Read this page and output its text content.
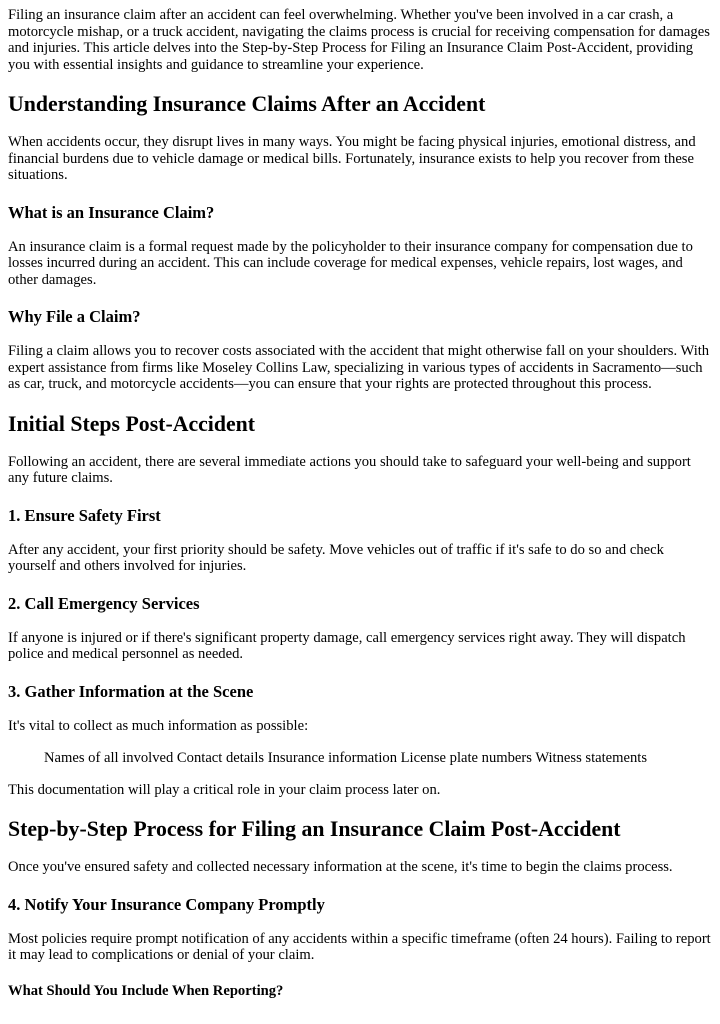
Filing an insurance claim after an accident can feel overwhelming. Whether you've been involved in a car crash, a motorcycle mishap, or a truck accident, navigating the claims process is crucial for receiving compensation for damages and injuries. This article delves into the Step-by-Step Process for Filing an Insurance Claim Post-Accident, providing you with essential insights and guidance to streamline your experience.

Understanding Insurance Claims After an Accident

When accidents occur, they disrupt lives in many ways. You might be facing physical injuries, emotional distress, and financial burdens due to vehicle damage or medical bills. Fortunately, insurance exists to help you recover from these situations.

What is an Insurance Claim?

An insurance claim is a formal request made by the policyholder to their insurance company for compensation due to losses incurred during an accident. This can include coverage for medical expenses, vehicle repairs, lost wages, and other damages.

Why File a Claim?

Filing a claim allows you to recover costs associated with the accident that might otherwise fall on your shoulders. With expert assistance from firms like Moseley Collins Law, specializing in various types of accidents in Sacramento—such as car, truck, and motorcycle accidents—you can ensure that your rights are protected throughout this process.

Initial Steps Post-Accident

Following an accident, there are several immediate actions you should take to safeguard your well-being and support any future claims.

1. Ensure Safety First

After any accident, your first priority should be safety. Move vehicles out of traffic if it's safe to do so and check yourself and others involved for injuries.

2. Call Emergency Services

If anyone is injured or if there's significant property damage, call emergency services right away. They will dispatch police and medical personnel as needed.

3. Gather Information at the Scene

It's vital to collect as much information as possible:

Names of all involved Contact details Insurance information License plate numbers Witness statements

This documentation will play a critical role in your claim process later on.

Step-by-Step Process for Filing an Insurance Claim Post-Accident

Once you've ensured safety and collected necessary information at the scene, it's time to begin the claims process.

4. Notify Your Insurance Company Promptly

Most policies require prompt notification of any accidents within a specific timeframe (often 24 hours). Failing to report it may lead to complications or denial of your claim.

What Should You Include When Reporting?
